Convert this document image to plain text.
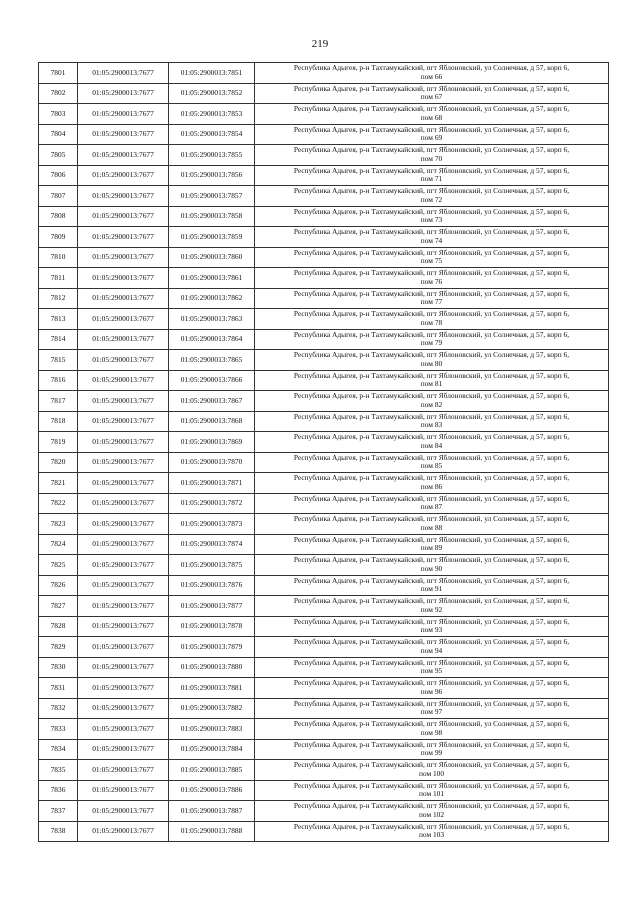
219
7801	01:05:2900013:7677	01:05:2900013:7851	Республика Адыгея, р-н Тахтамукайский, пгт Яблоновский, ул Солнечная, д 57, корп 6,
пом 66

7802	01:05:2900013:7677	01:05:2900013:7852	Республика Адыгея, р-н Тахтамукайский, пгт Яблоновский, ул Солнечная, д 57, корп 6,
пом 67

7803	01:05:2900013:7677	01:05:2900013:7853	Республика Адыгея, р-н Тахтамукайский, пгт Яблоновский, ул Солнечная, д 57, корп 6,
пом 68

7804	01:05:2900013:7677	01:05:2900013:7854	Республика Адыгея, р-н Тахтамукайский, пгт Яблоновский, ул Солнечная, д 57, корп 6,
пом 69

7805	01:05:2900013:7677	01:05:2900013:7855	Республика Адыгея, р-н Тахтамукайский, пгт Яблоновский, ул Солнечная, д 57, корп 6,
пом 70

7806	01:05:2900013:7677	01:05:2900013:7856	Республика Адыгея, р-н Тахтамукайский, пгт Яблоновский, ул Солнечная, д 57, корп 6,
пом 71

7807	01:05:2900013:7677	01:05:2900013:7857	Республика Адыгея, р-н Тахтамукайский, пгт Яблоновский, ул Солнечная, д 57, корп 6,
пом 72

7808	01:05:2900013:7677	01:05:2900013:7858	Республика Адыгея, р-н Тахтамукайский, пгт Яблоновский, ул Солнечная, д 57, корп 6,
пом 73

7809	01:05:2900013:7677	01:05:2900013:7859	Республика Адыгея, р-н Тахтамукайский, пгт Яблоновский, ул Солнечная, д 57, корп 6,
пом 74

7810	01:05:2900013:7677	01:05:2900013:7860	Республика Адыгея, р-н Тахтамукайский, пгт Яблоновский, ул Солнечная, д 57, корп 6,
пом 75

7811	01:05:2900013:7677	01:05:2900013:7861	Республика Адыгея, р-н Тахтамукайский, пгт Яблоновский, ул Солнечная, д 57, корп 6,
пом 76

7812	01:05:2900013:7677	01:05:2900013:7862	Республика Адыгея, р-н Тахтамукайский, пгт Яблоновский, ул Солнечная, д 57, корп 6,
пом 77

7813	01:05:2900013:7677	01:05:2900013:7863	Республика Адыгея, р-н Тахтамукайский, пгт Яблоновский, ул Солнечная, д 57, корп 6,
пом 78

7814	01:05:2900013:7677	01:05:2900013:7864	Республика Адыгея, р-н Тахтамукайский, пгт Яблоновский, ул Солнечная, д 57, корп 6,
пом 79

7815	01:05:2900013:7677	01:05:2900013:7865	Республика Адыгея, р-н Тахтамукайский, пгт Яблоновский, ул Солнечная, д 57, корп 6,
пом 80

7816	01:05:2900013:7677	01:05:2900013:7866	Республика Адыгея, р-н Тахтамукайский, пгт Яблоновский, ул Солнечная, д 57, корп 6,
пом 81

7817	01:05:2900013:7677	01:05:2900013:7867	Республика Адыгея, р-н Тахтамукайский, пгт Яблоновский, ул Солнечная, д 57, корп 6,
пом 82

7818	01:05:2900013:7677	01:05:2900013:7868	Республика Адыгея, р-н Тахтамукайский, пгт Яблоновский, ул Солнечная, д 57, корп 6,
пом 83

7819	01:05:2900013:7677	01:05:2900013:7869	Республика Адыгея, р-н Тахтамукайский, пгт Яблоновский, ул Солнечная, д 57, корп 6,
пом 84

7820	01:05:2900013:7677	01:05:2900013:7870	Республика Адыгея, р-н Тахтамукайский, пгт Яблоновский, ул Солнечная, д 57, корп 6,
пом 85

7821	01:05:2900013:7677	01:05:2900013:7871	Республика Адыгея, р-н Тахтамукайский, пгт Яблоновский, ул Солнечная, д 57, корп 6,
пом 86

7822	01:05:2900013:7677	01:05:2900013:7872	Республика Адыгея, р-н Тахтамукайский, пгт Яблоновский, ул Солнечная, д 57, корп 6,
пом 87

7823	01:05:2900013:7677	01:05:2900013:7873	Республика Адыгея, р-н Тахтамукайский, пгт Яблоновский, ул Солнечная, д 57, корп 6,
пом 88

7824	01:05:2900013:7677	01:05:2900013:7874	Республика Адыгея, р-н Тахтамукайский, пгт Яблоновский, ул Солнечная, д 57, корп 6,
пом 89

7825	01:05:2900013:7677	01:05:2900013:7875	Республика Адыгея, р-н Тахтамукайский, пгт Яблоновский, ул Солнечная, д 57, корп 6,
пом 90

7826	01:05:2900013:7677	01:05:2900013:7876	Республика Адыгея, р-н Тахтамукайский, пгт Яблоновский, ул Солнечная, д 57, корп 6,
пом 91

7827	01:05:2900013:7677	01:05:2900013:7877	Республика Адыгея, р-н Тахтамукайский, пгт Яблоновский, ул Солнечная, д 57, корп 6,
пом 92

7828	01:05:2900013:7677	01:05:2900013:7878	Республика Адыгея, р-н Тахтамукайский, пгт Яблоновский, ул Солнечная, д 57, корп 6,
пом 93

7829	01:05:2900013:7677	01:05:2900013:7879	Республика Адыгея, р-н Тахтамукайский, пгт Яблоновский, ул Солнечная, д 57, корп 6,
пом 94

7830	01:05:2900013:7677	01:05:2900013:7880	Республика Адыгея, р-н Тахтамукайский, пгт Яблоновский, ул Солнечная, д 57, корп 6,
пом 95

7831	01:05:2900013:7677	01:05:2900013:7881	Республика Адыгея, р-н Тахтамукайский, пгт Яблоновский, ул Солнечная, д 57, корп 6,
пом 96

7832	01:05:2900013:7677	01:05:2900013:7882	Республика Адыгея, р-н Тахтамукайский, пгт Яблоновский, ул Солнечная, д 57, корп 6,
пом 97

7833	01:05:2900013:7677	01:05:2900013:7883	Республика Адыгея, р-н Тахтамукайский, пгт Яблоновский, ул Солнечная, д 57, корп 6,
пом 98

7834	01:05:2900013:7677	01:05:2900013:7884	Республика Адыгея, р-н Тахтамукайский, пгт Яблоновский, ул Солнечная, д 57, корп 6,
пом 99

7835	01:05:2900013:7677	01:05:2900013:7885	Республика Адыгея, р-н Тахтамукайский, пгт Яблоновский, ул Солнечная, д 57, корп 6,
пом 100

7836	01:05:2900013:7677	01:05:2900013:7886	Республика Адыгея, р-н Тахтамукайский, пгт Яблоновский, ул Солнечная, д 57, корп 6,
пом 101

7837	01:05:2900013:7677	01:05:2900013:7887	Республика Адыгея, р-н Тахтамукайский, пгт Яблоновский, ул Солнечная, д 57, корп 6,
пом 102

7838	01:05:2900013:7677	01:05:2900013:7888	Республика Адыгея, р-н Тахтамукайский, пгт Яблоновский, ул Солнечная, д 57, корп 6,
пом 103
